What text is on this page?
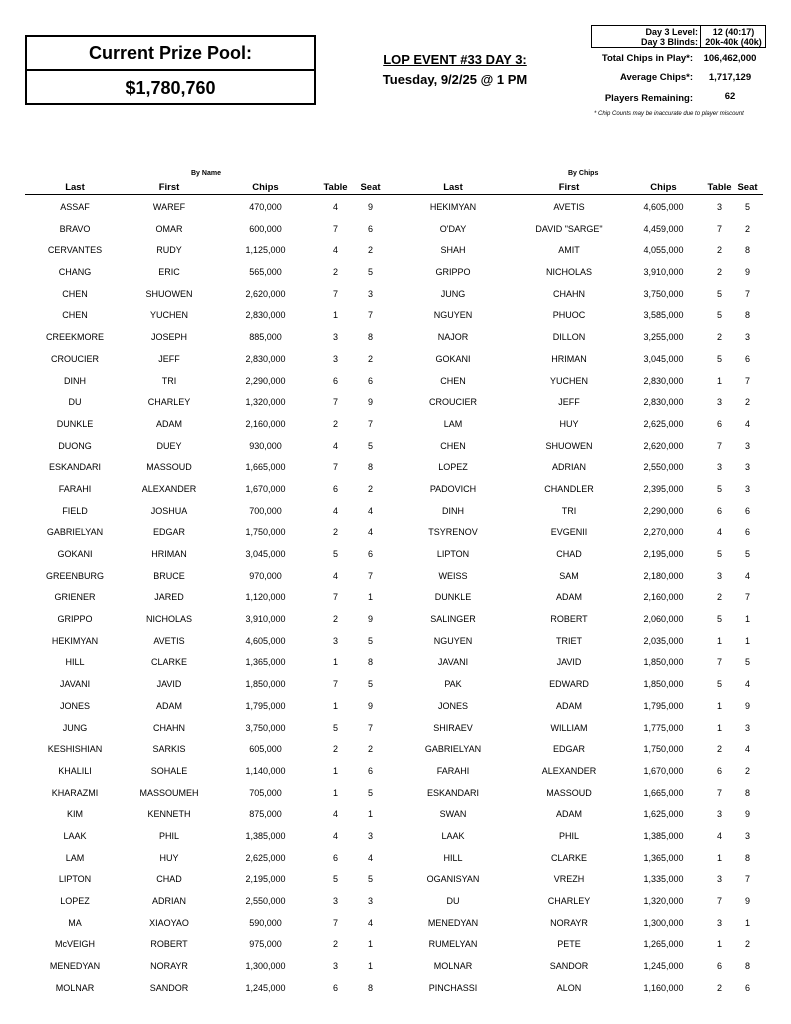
Current Prize Pool:
$1,780,760
LOP EVENT #33 DAY 3:
Tuesday, 9/2/25 @ 1 PM
Day 3 Level:
Day 3 Blinds:
12 (40:17)
20k-40k (40k)
Total Chips in Play*:	106,462,000
Average Chips*:	1,717,129
Players Remaining:	62
* Chip Counts may be inaccurate due to player miscount
By Name	By Chips
Last	First	Chips	Table	Seat	Last	First	Chips	Table Seat
ASSAF	WAREF	470,000	4	9	HEKIMYAN	AVETIS	4,605,000	3	5
BRAVO	OMAR	600,000	7	6	O'DAY	DAVID "SARGE"	4,459,000	7	2
CERVANTES	RUDY	1,125,000	4	2	SHAH	AMIT	4,055,000	2	8
CHANG	ERIC	565,000	2	5	GRIPPO	NICHOLAS	3,910,000	2	9
CHEN	SHUOWEN	2,620,000	7	3	JUNG	CHAHN	3,750,000	5	7
CHEN	YUCHEN	2,830,000	1	7	NGUYEN	PHUOC	3,585,000	5	8
CREEKMORE	JOSEPH	885,000	3	8	NAJOR	DILLON	3,255,000	2	3
CROUCIER	JEFF	2,830,000	3	2	GOKANI	HRIMAN	3,045,000	5	6
DINH	TRI	2,290,000	6	6	CHEN	YUCHEN	2,830,000	1	7
DU	CHARLEY	1,320,000	7	9	CROUCIER	JEFF	2,830,000	3	2
DUNKLE	ADAM	2,160,000	2	7	LAM	HUY	2,625,000	6	4
DUONG	DUEY	930,000	4	5	CHEN	SHUOWEN	2,620,000	7	3
ESKANDARI	MASSOUD	1,665,000	7	8	LOPEZ	ADRIAN	2,550,000	3	3
FARAHI	ALEXANDER	1,670,000	6	2	PADOVICH	CHANDLER	2,395,000	5	3
FIELD	JOSHUA	700,000	4	4	DINH	TRI	2,290,000	6	6
GABRIELYAN	EDGAR	1,750,000	2	4	TSYRENOV	EVGENII	2,270,000	4	6
GOKANI	HRIMAN	3,045,000	5	6	LIPTON	CHAD	2,195,000	5	5
GREENBURG	BRUCE	970,000	4	7	WEISS	SAM	2,180,000	3	4
GRIENER	JARED	1,120,000	7	1	DUNKLE	ADAM	2,160,000	2	7
GRIPPO	NICHOLAS	3,910,000	2	9	SALINGER	ROBERT	2,060,000	5	1
HEKIMYAN	AVETIS	4,605,000	3	5	NGUYEN	TRIET	2,035,000	1	1
HILL	CLARKE	1,365,000	1	8	JAVANI	JAVID	1,850,000	7	5
JAVANI	JAVID	1,850,000	7	5	PAK	EDWARD	1,850,000	5	4
JONES	ADAM	1,795,000	1	9	JONES	ADAM	1,795,000	1	9
JUNG	CHAHN	3,750,000	5	7	SHIRAEV	WILLIAM	1,775,000	1	3
KESHISHIAN	SARKIS	605,000	2	2	GABRIELYAN	EDGAR	1,750,000	2	4
KHALILI	SOHALE	1,140,000	1	6	FARAHI	ALEXANDER	1,670,000	6	2
KHARAZMI	MASSOUMEH	705,000	1	5	ESKANDARI	MASSOUD	1,665,000	7	8
KIM	KENNETH	875,000	4	1	SWAN	ADAM	1,625,000	3	9
LAAK	PHIL	1,385,000	4	3	LAAK	PHIL	1,385,000	4	3
LAM	HUY	2,625,000	6	4	HILL	CLARKE	1,365,000	1	8
LIPTON	CHAD	2,195,000	5	5	OGANISYAN	VREZH	1,335,000	3	7
LOPEZ	ADRIAN	2,550,000	3	3	DU	CHARLEY	1,320,000	7	9
MA	XIAOYAO	590,000	7	4	MENEDYAN	NORAYR	1,300,000	3	1
McVEIGH	ROBERT	975,000	2	1	RUMELYAN	PETE	1,265,000	1	2
MENEDYAN	NORAYR	1,300,000	3	1	MOLNAR	SANDOR	1,245,000	6	8
MOLNAR	SANDOR	1,245,000	6	8	PINCHASSI	ALON	1,160,000	2	6
